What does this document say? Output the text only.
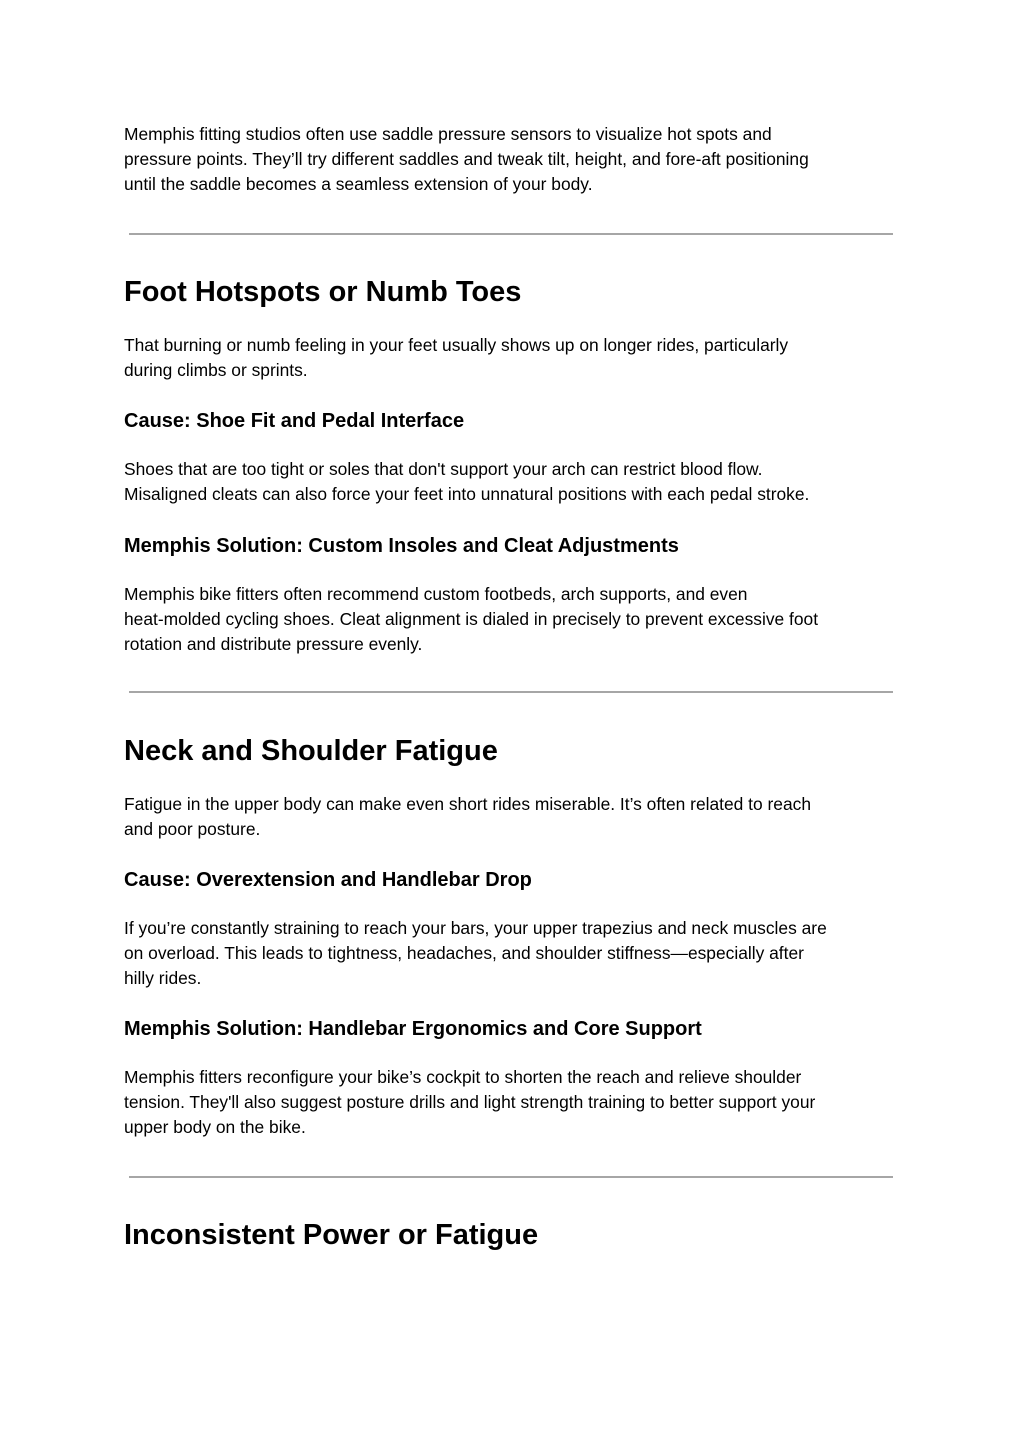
Memphis fitting studios often use saddle pressure sensors to visualize hot spots and
pressure points. They’ll try different saddles and tweak tilt, height, and fore-aft positioning
until the saddle becomes a seamless extension of your body.

Foot Hotspots or Numb Toes

That burning or numb feeling in your feet usually shows up on longer rides, particularly
during climbs or sprints.

Cause: Shoe Fit and Pedal Interface

Shoes that are too tight or soles that don't support your arch can restrict blood flow.
Misaligned cleats can also force your feet into unnatural positions with each pedal stroke.

Memphis Solution: Custom Insoles and Cleat Adjustments

Memphis bike fitters often recommend custom footbeds, arch supports, and even
heat-molded cycling shoes. Cleat alignment is dialed in precisely to prevent excessive foot
rotation and distribute pressure evenly.

Neck and Shoulder Fatigue

Fatigue in the upper body can make even short rides miserable. It’s often related to reach
and poor posture.

Cause: Overextension and Handlebar Drop

If you’re constantly straining to reach your bars, your upper trapezius and neck muscles are
on overload. This leads to tightness, headaches, and shoulder stiffness—especially after
hilly rides.

Memphis Solution: Handlebar Ergonomics and Core Support

Memphis fitters reconfigure your bike’s cockpit to shorten the reach and relieve shoulder
tension. They'll also suggest posture drills and light strength training to better support your
upper body on the bike.

Inconsistent Power or Fatigue
